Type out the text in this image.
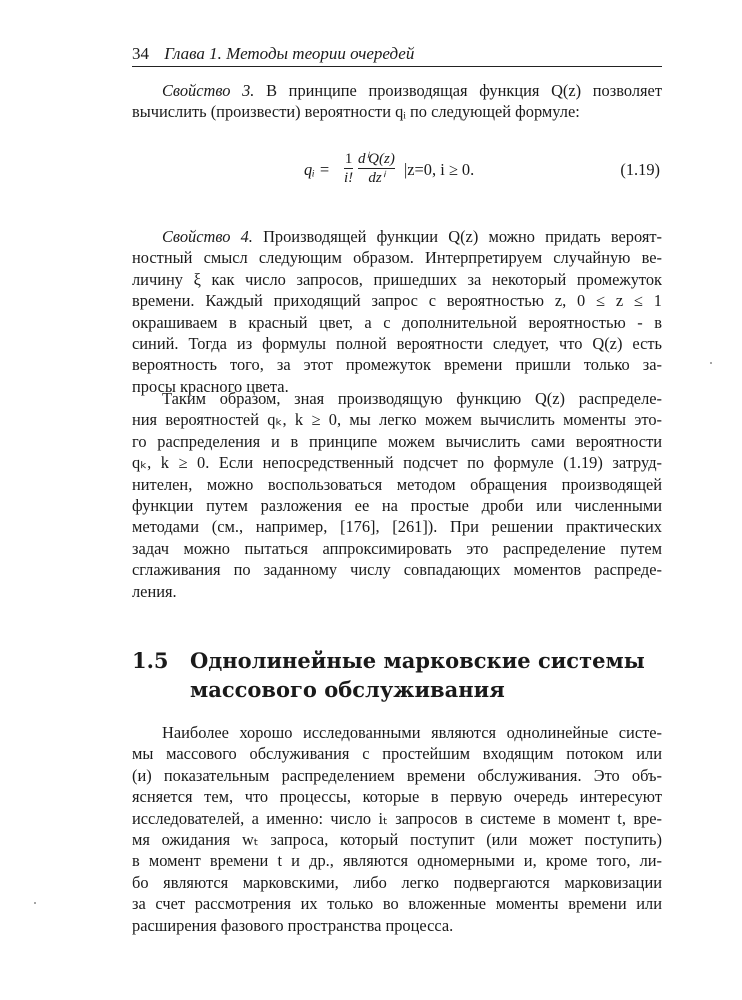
34 Глава 1. Методы теории очередей
Свойство 3. В принципе производящая функция Q(z) позволяет
вычислить (произвести) вероятности qᵢ по следующей формуле:
qᵢ =
1
i!
dⁱQ(z)
dzⁱ |z=0, i ≥ 0.	(1.19)
Свойство 4. Производящей функции Q(z) можно придать вероят-
ностный смысл следующим образом. Интерпретируем случайную ве-
личину ξ как число запросов, пришедших за некоторый промежуток
времени. Каждый приходящий запрос с вероятностью z, 0 ≤ z ≤ 1
окрашиваем в красный цвет, а с дополнительной вероятностью - в
синий. Тогда из формулы полной вероятности следует, что Q(z) есть
вероятность того, за этот промежуток времени пришли только за-
просы красного цвета.
Таким образом, зная производящую функцию Q(z) распределе-
ния вероятностей qₖ, k ≥ 0, мы легко можем вычислить моменты это-
го распределения и в принципе можем вычислить сами вероятности
qₖ, k ≥ 0. Если непосредственный подсчет по формуле (1.19) затруд-
нителен, можно воспользоваться методом обращения производящей
функции путем разложения ее на простые дроби или численными
методами (см., например, [176], [261]). При решении практических
задач можно пытаться аппроксимировать это распределение путем
сглаживания по заданному числу совпадающих моментов распреде-
ления.
1.5 Однолинейные марковские системы
массового обслуживания
Наиболее хорошо исследованными являются однолинейные систе-
мы массового обслуживания с простейшим входящим потоком или
(и) показательным распределением времени обслуживания. Это объ-
ясняется тем, что процессы, которые в первую очередь интересуют
исследователей, а именно: число iₜ запросов в системе в момент t, вре-
мя ожидания wₜ запроса, который поступит (или может поступить)
в момент времени t и др., являются одномерными и, кроме того, ли-
бо являются марковскими, либо легко подвергаются марковизации
за счет рассмотрения их только во вложенные моменты времени или
расширения фазового пространства процесса.
